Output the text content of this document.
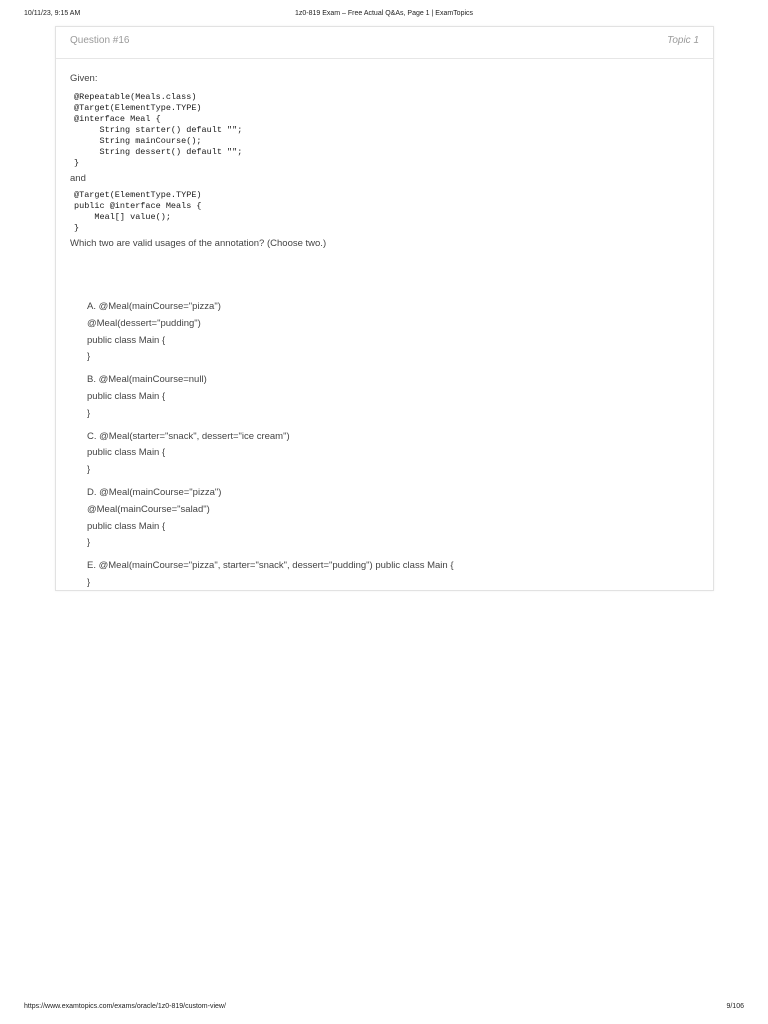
10/11/23, 9:15 AM	1z0-819 Exam – Free Actual Q&As, Page 1 | ExamTopics
Question #16	Topic 1
Given:
@Repeatable(Meals.class)
@Target(ElementType.TYPE)
@interface Meal {
String starter() default "";
String mainCourse();
String dessert() default "";
}
and
@Target(ElementType.TYPE)
public @interface Meals {
Meal[] value();
}
Which two are valid usages of the annotation? (Choose two.)
A. @Meal(mainCourse="pizza")
@Meal(dessert="pudding")
public class Main {
}
B. @Meal(mainCourse=null)
public class Main {
}
C. @Meal(starter="snack", dessert="ice cream")
public class Main {
}
D. @Meal(mainCourse="pizza")
@Meal(mainCourse="salad")
public class Main {
}
E. @Meal(mainCourse="pizza", starter="snack", dessert="pudding") public class Main {
}
https://www.examtopics.com/exams/oracle/1z0-819/custom-view/	9/106
